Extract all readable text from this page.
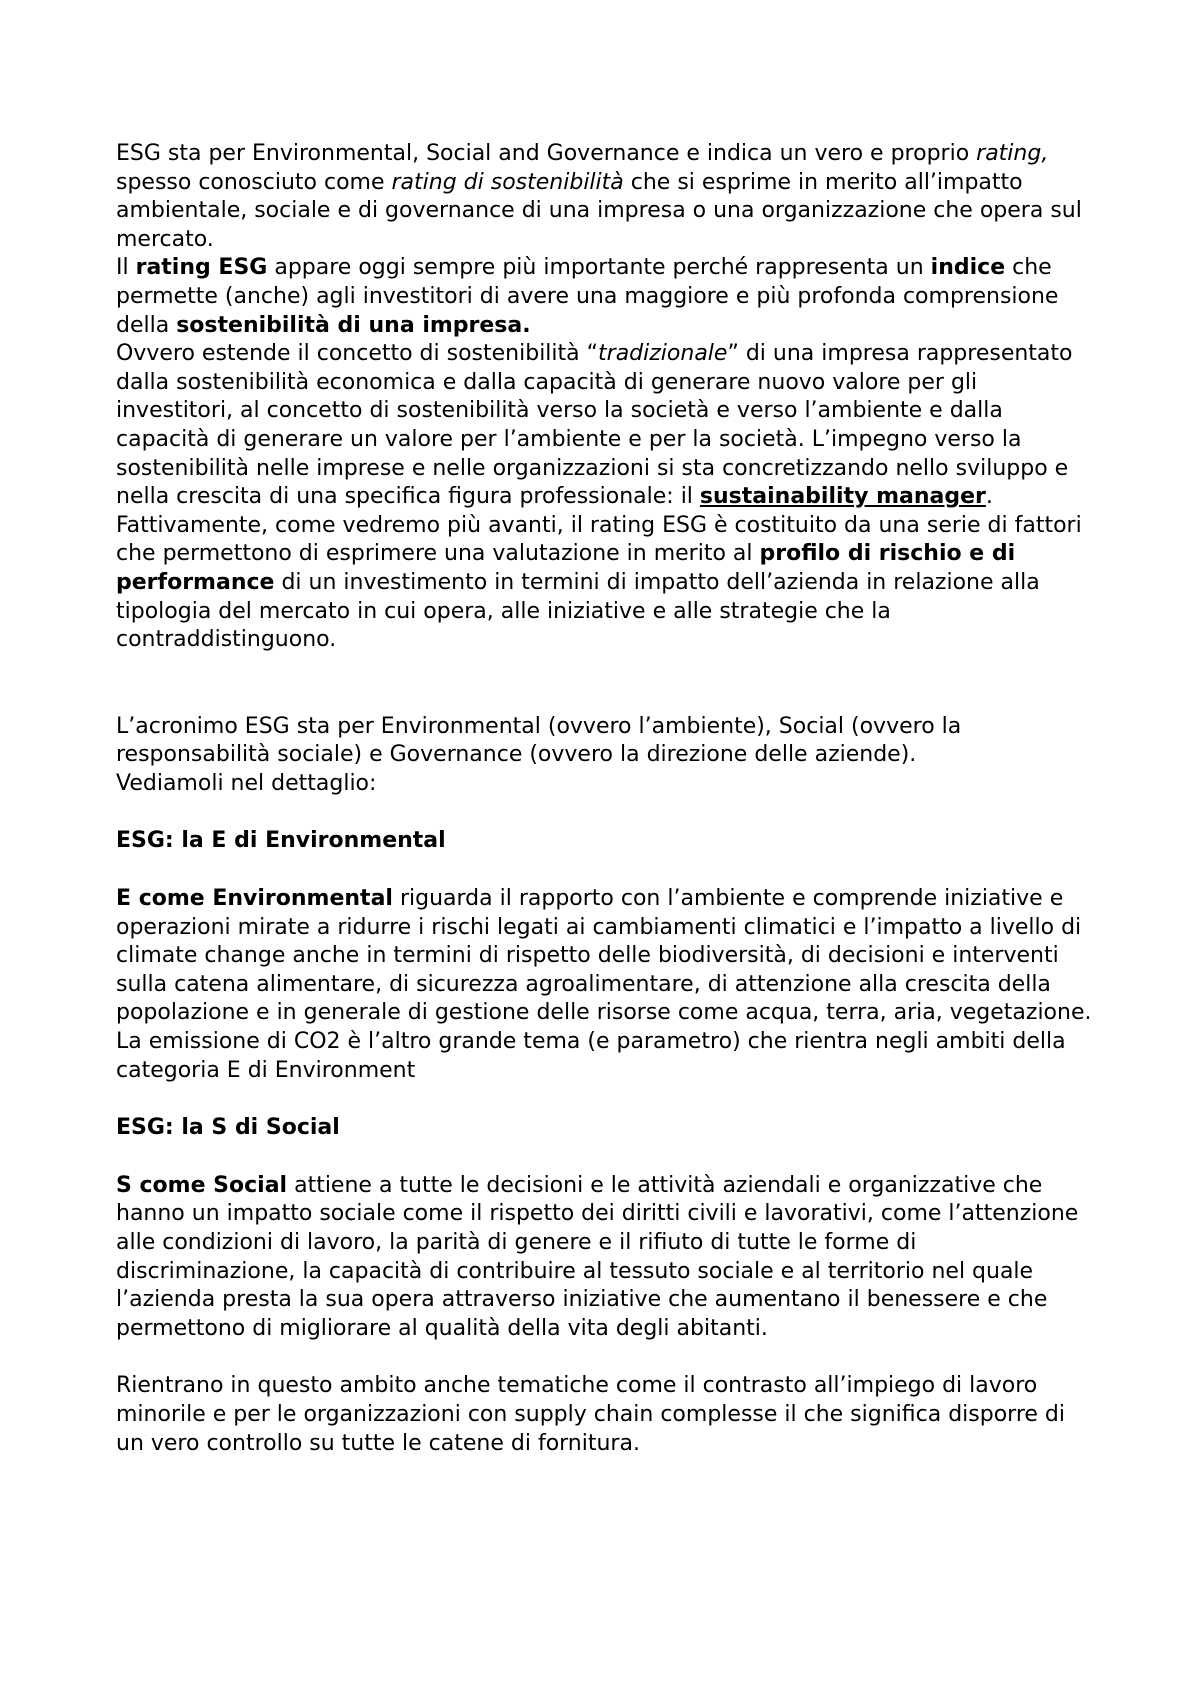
ESG sta per Environmental, Social and Governance e indica un vero e proprio rating, spesso conosciuto come rating di sostenibilità che si esprime in merito all’impatto ambientale, sociale e di governance di una impresa o una organizzazione che opera sul mercato.

Il rating ESG appare oggi sempre più importante perché rappresenta un indice che permette (anche) agli investitori di avere una maggiore e più profonda comprensione della sostenibilità di una impresa.

Ovvero estende il concetto di sostenibilità “tradizionale” di una impresa rappresentato dalla sostenibilità economica e dalla capacità di generare nuovo valore per gli investitori, al concetto di sostenibilità verso la società e verso l’ambiente e dalla capacità di generare un valore per l’ambiente e per la società. L’impegno verso la sostenibilità nelle imprese e nelle organizzazioni si sta concretizzando nello sviluppo e nella crescita di una specifica figura professionale: il sustainability manager.

Fattivamente, come vedremo più avanti, il rating ESG è costituito da una serie di fattori che permettono di esprimere una valutazione in merito al profilo di rischio e di performance di un investimento in termini di impatto dell’azienda in relazione alla tipologia del mercato in cui opera, alle iniziative e alle strategie che la contraddistinguono.

L’acronimo ESG sta per Environmental (ovvero l’ambiente), Social (ovvero la responsabilità sociale) e Governance (ovvero la direzione delle aziende).

Vediamoli nel dettaglio:

ESG: la E di Environmental

E come Environmental riguarda il rapporto con l’ambiente e comprende iniziative e operazioni mirate a ridurre i rischi legati ai cambiamenti climatici e l’impatto a livello di climate change anche in termini di rispetto delle biodiversità, di decisioni e interventi sulla catena alimentare, di sicurezza agroalimentare, di attenzione alla crescita della popolazione e in generale di gestione delle risorse come acqua, terra, aria, vegetazione. La emissione di CO2 è l’altro grande tema (e parametro) che rientra negli ambiti della categoria E di Environment

ESG: la S di Social

S come Social attiene a tutte le decisioni e le attività aziendali e organizzative che hanno un impatto sociale come il rispetto dei diritti civili e lavorativi, come l’attenzione alle condizioni di lavoro, la parità di genere e il rifiuto di tutte le forme di discriminazione, la capacità di contribuire al tessuto sociale e al territorio nel quale l’azienda presta la sua opera attraverso iniziative che aumentano il benessere e che permettono di migliorare al qualità della vita degli abitanti.

Rientrano in questo ambito anche tematiche come il contrasto all’impiego di lavoro minorile e per le organizzazioni con supply chain complesse il che significa disporre di un vero controllo su tutte le catene di fornitura.
